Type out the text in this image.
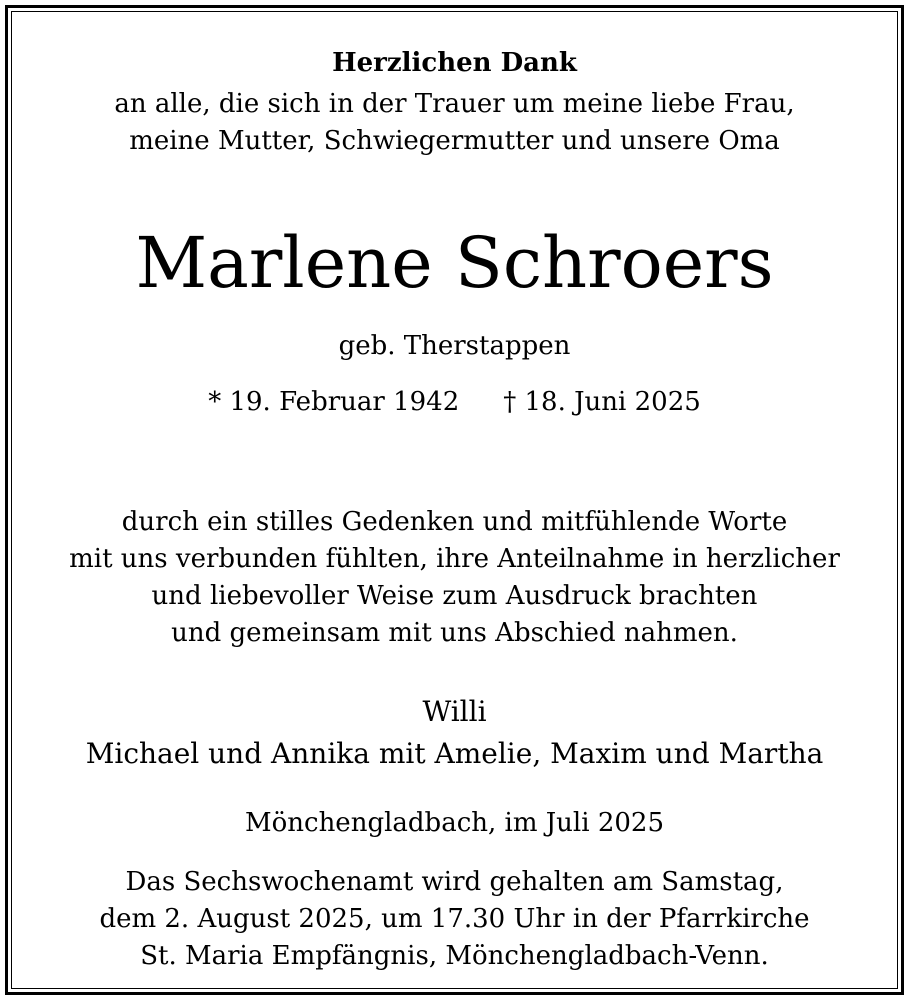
Herzlichen Dank
an alle, die sich in der Trauer um meine liebe Frau,
meine Mutter, Schwiegermutter und unsere Oma
Marlene Schroers
geb. Therstappen
* 19. Februar 1942 † 18. Juni 2025
durch ein stilles Gedenken und mitfühlende Worte
mit uns verbunden fühlten, ihre Anteilnahme in herzlicher
und liebevoller Weise zum Ausdruck brachten
und gemeinsam mit uns Abschied nahmen.
Willi
Michael und Annika mit Amelie, Maxim und Martha
Mönchengladbach, im Juli 2025
Das Sechswochenamt wird gehalten am Samstag,
dem 2. August 2025, um 17.30 Uhr in der Pfarrkirche
St. Maria Empfängnis, Mönchengladbach-Venn.
